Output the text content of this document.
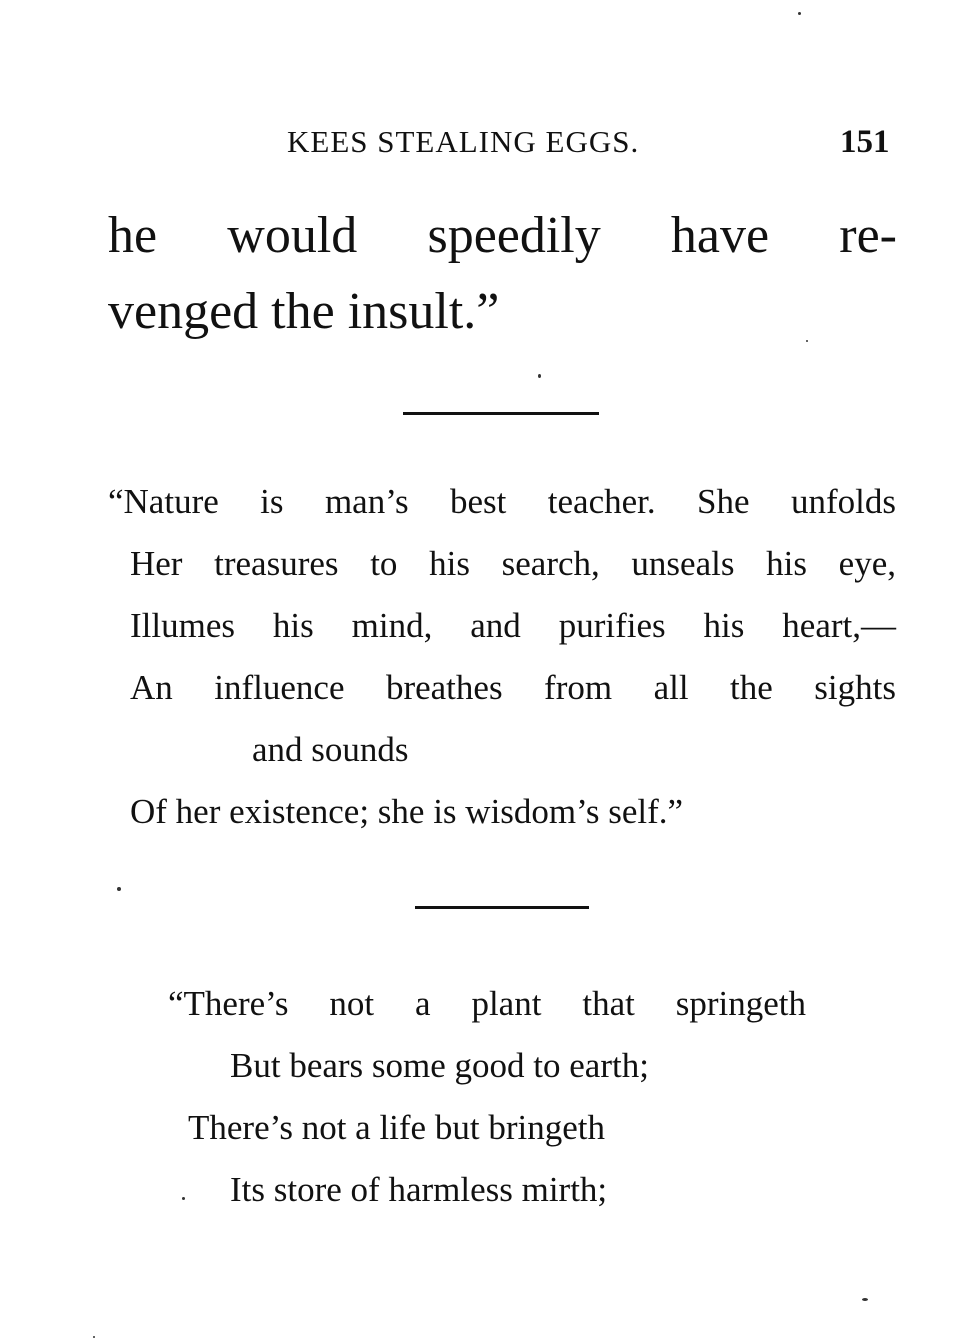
KEES STEALING EGGS.	151
he would speedily have re-
venged the insult.”
“Nature is man’s best teacher. She unfolds
Her treasures to his search, unseals his eye,
Illumes his mind, and purifies his heart,—
An influence breathes from all the sights
and sounds
Of her existence; she is wisdom’s self.”
“There’s not a plant that springeth
But bears some good to earth;
There’s not a life but bringeth
Its store of harmless mirth;
